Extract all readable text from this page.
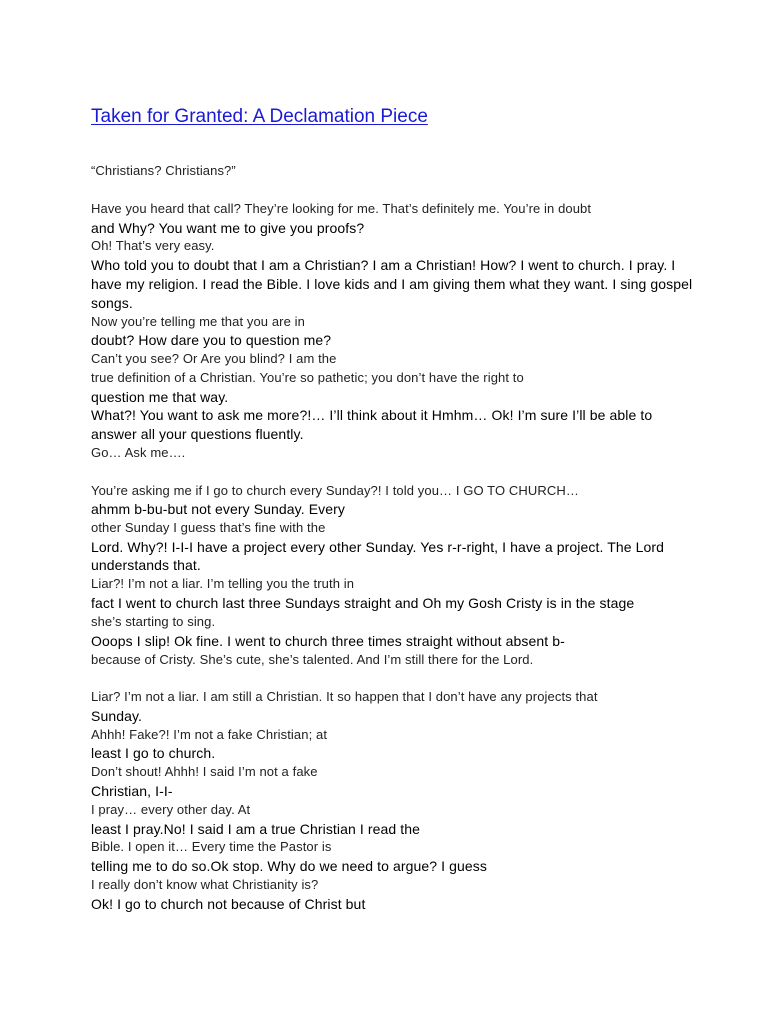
Taken for Granted: A Declamation Piece
“Christians? Christians?”
Have you heard that call? They’re looking for me. That’s definitely me. You’re in doubt
and Why? You want me to give you proofs?
Oh! That’s very easy.
Who told you to doubt that I am a Christian? I am a Christian! How? I went to church. I pray. I
have my religion. I read the Bible. I love kids and I am giving them what they want. I sing gospel
songs.
Now you’re telling me that you are in
doubt? How dare you to question me?
Can’t you see? Or Are you blind? I am the
true definition of a Christian. You’re so pathetic; you don’t have the right to
question me that way.
What?! You want to ask me more?!… I’ll think about it Hmhm… Ok! I’m sure I’ll be able to
answer all your questions fluently.
Go… Ask me….
You’re asking me if I go to church every Sunday?! I told you… I GO TO CHURCH…
ahmm b-bu-but not every Sunday. Every
other Sunday I guess that’s fine with the
Lord. Why?! I-I-I have a project every other Sunday. Yes r-r-right, I have a project. The Lord
understands that.
Liar?! I’m not a liar. I’m telling you the truth in
fact I went to church last three Sundays straight and Oh my Gosh Cristy is in the stage
she’s starting to sing.
Ooops I slip! Ok fine. I went to church three times straight without absent b-
because of Cristy. She’s cute, she’s talented. And I’m still there for the Lord.
Liar? I’m not a liar. I am still a Christian. It so happen that I don’t have any projects that
Sunday.
Ahhh! Fake?! I’m not a fake Christian; at
least I go to church.
Don’t shout! Ahhh! I said I’m not a fake
Christian, I-I-
I pray… every other day. At
least I pray.No! I said I am a true Christian I read the
Bible. I open it… Every time the Pastor is
telling me to do so.Ok stop. Why do we need to argue? I guess
I really don’t know what Christianity is?
Ok! I go to church not because of Christ but
